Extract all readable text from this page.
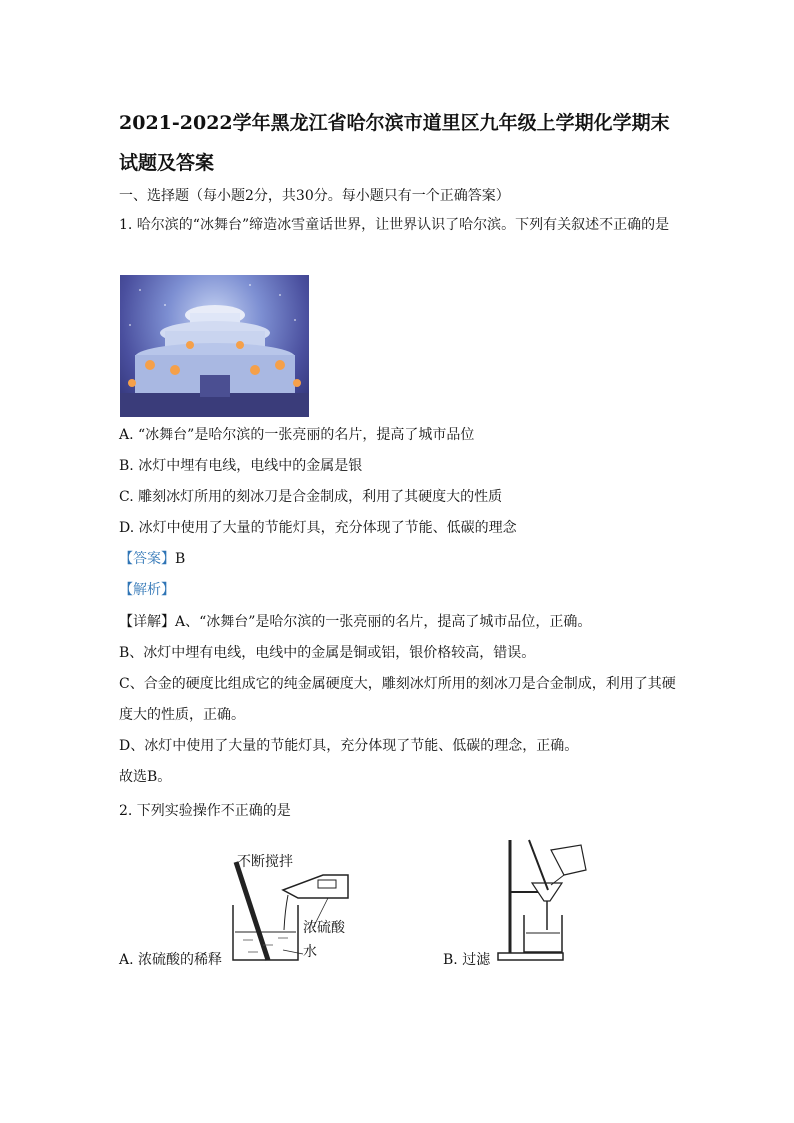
2021-2022学年黑龙江省哈尔滨市道里区九年级上学期化学期末试题及答案
一、选择题（每小题2分，共30分。每小题只有一个正确答案）
1. 哈尔滨的“冰舞台”缔造冰雪童话世界，让世界认识了哈尔滨。下列有关叙述不正确的是
A. “冰舞台”是哈尔滨的一张亮丽的名片，提高了城市品位
B. 冰灯中埋有电线，电线中的金属是银
C. 雕刻冰灯所用的刻冰刀是合金制成，利用了其硬度大的性质
D. 冰灯中使用了大量的节能灯具，充分体现了节能、低碳的理念
【答案】B
【解析】
【详解】A、“冰舞台”是哈尔滨的一张亮丽的名片，提高了城市品位，正确。
B、冰灯中埋有电线，电线中的金属是铜或铝，银价格较高，错误。
C、合金的硬度比组成它的纯金属硬度大，雕刻冰灯所用的刻冰刀是合金制成，利用了其硬度大的性质，正确。
D、冰灯中使用了大量的节能灯具，充分体现了节能、低碳的理念，正确。
故选B。
2. 下列实验操作不正确的是
不断搅拌
浓硫酸
水
A. 浓硫酸的稀释	B. 过滤
